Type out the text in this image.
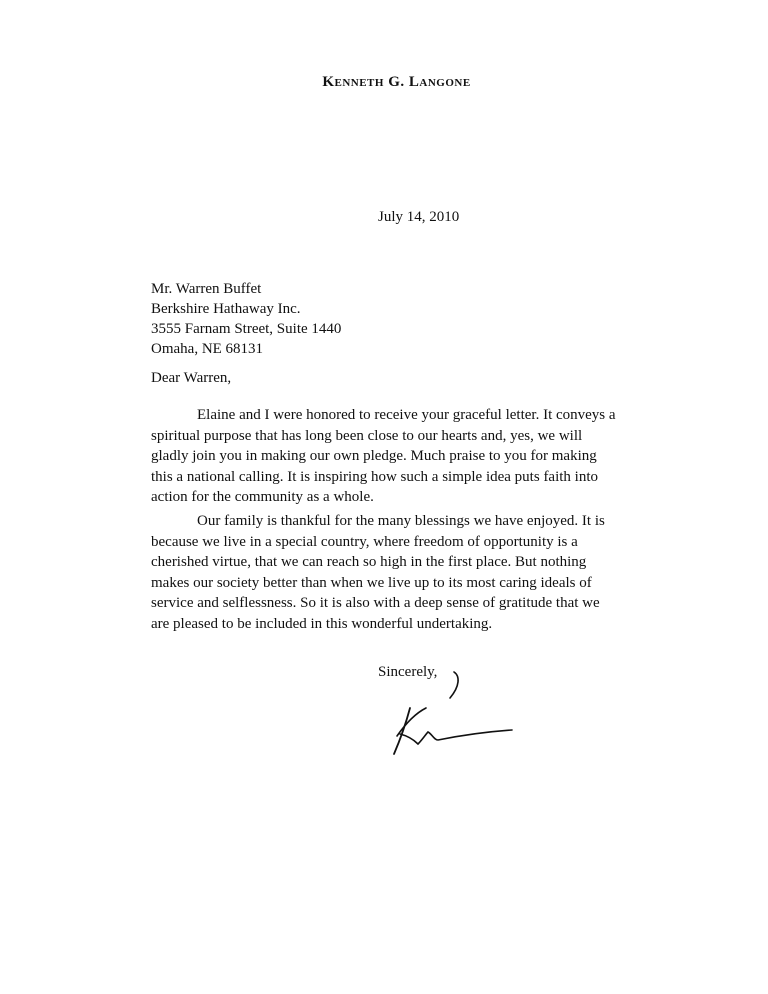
Kenneth G. Langone
July 14, 2010
Mr. Warren Buffet
Berkshire Hathaway Inc.
3555 Farnam Street, Suite 1440
Omaha, NE 68131
Dear Warren,

Elaine and I were honored to receive your graceful letter. It conveys a spiritual purpose that has long been close to our hearts and, yes, we will gladly join you in making our own pledge. Much praise to you for making this a national calling. It is inspiring how such a simple idea puts faith into action for the community as a whole.

Our family is thankful for the many blessings we have enjoyed. It is because we live in a special country, where freedom of opportunity is a cherished virtue, that we can reach so high in the first place. But nothing makes our society better than when we live up to its most caring ideals of service and selflessness. So it is also with a deep sense of gratitude that we are pleased to be included in this wonderful undertaking.

Sincerely,
